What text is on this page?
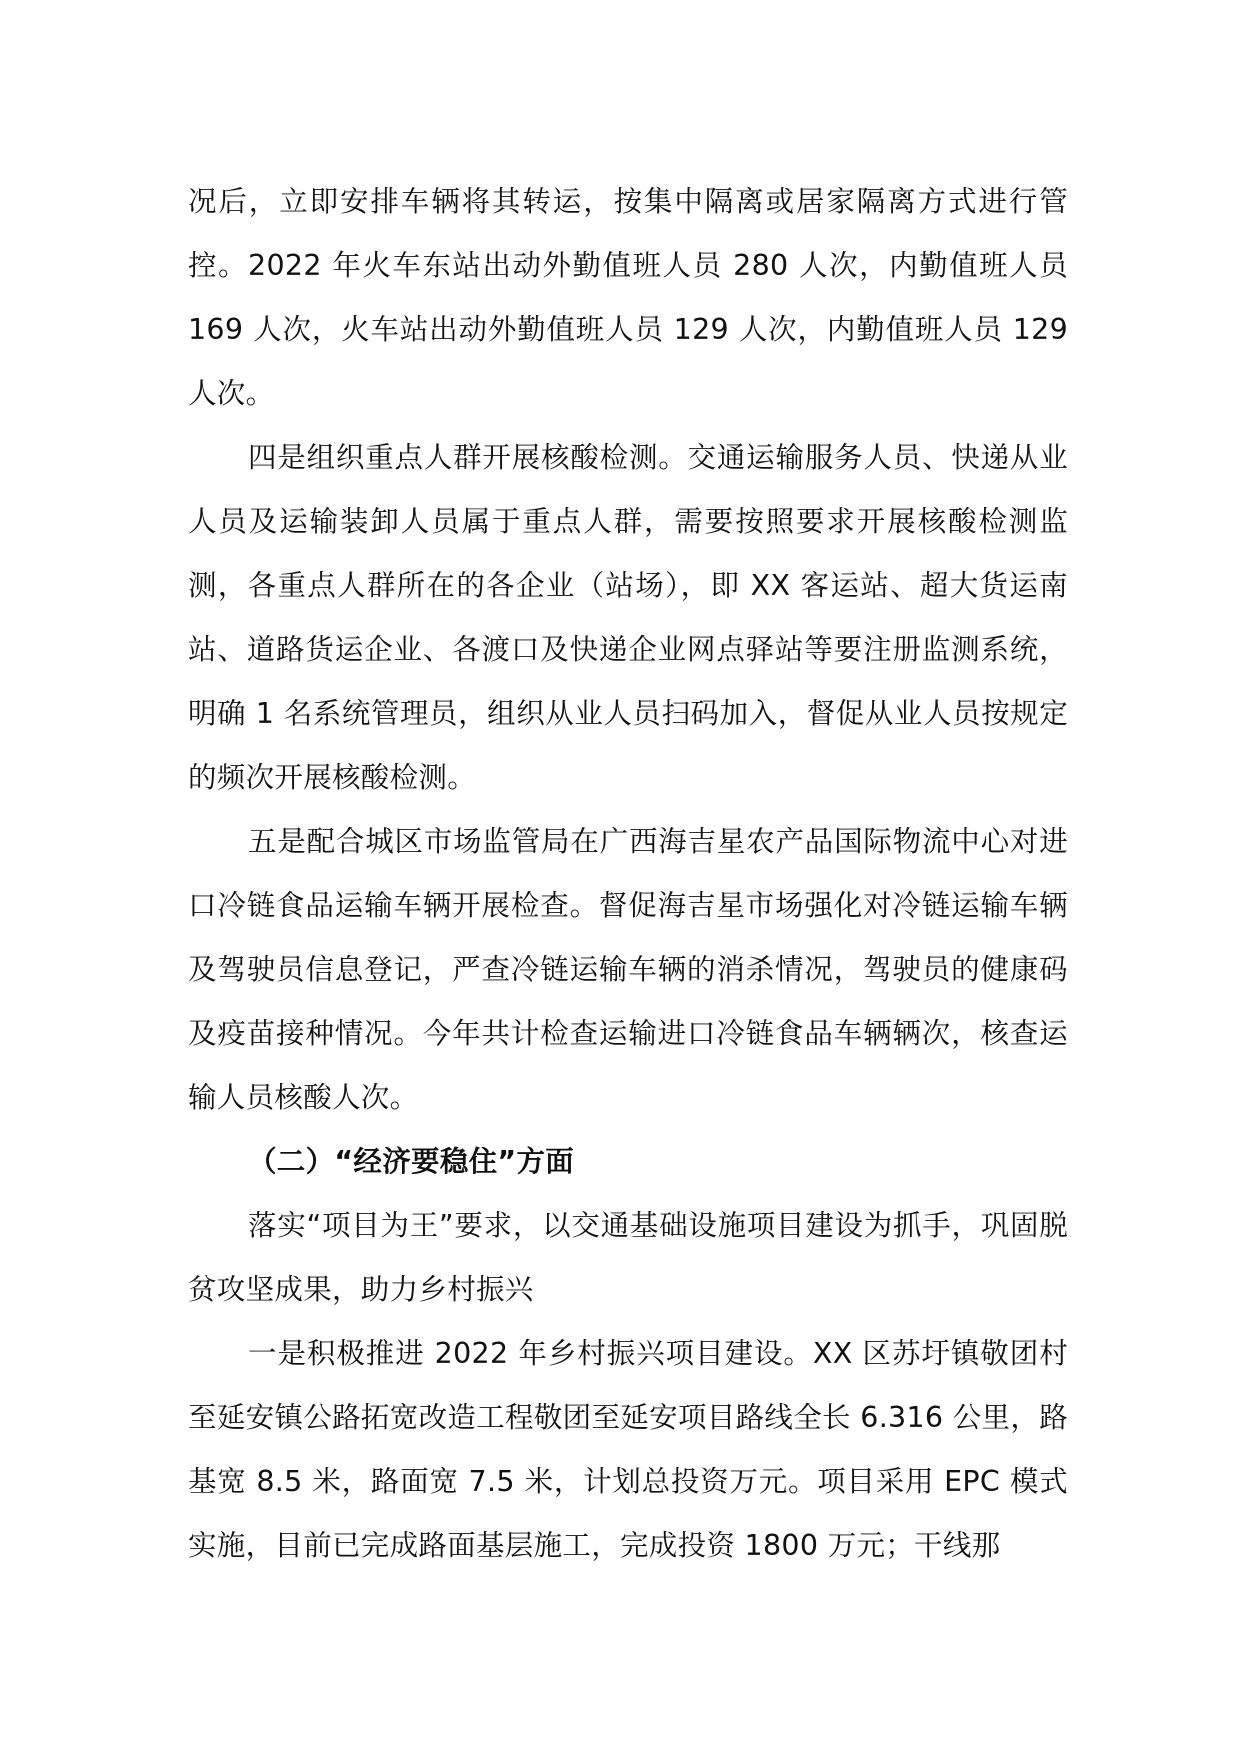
况后，立即安排车辆将其转运，按集中隔离或居家隔离方式进行管控。2022 年火车东站出动外勤值班人员 280 人次，内勤值班人员 169 人次，火车站出动外勤值班人员 129 人次，内勤值班人员 129 人次。

四是组织重点人群开展核酸检测。交通运输服务人员、快递从业人员及运输装卸人员属于重点人群，需要按照要求开展核酸检测监测，各重点人群所在的各企业（站场），即 XX 客运站、超大货运南站、道路货运企业、各渡口及快递企业网点驿站等要注册监测系统，明确 1 名系统管理员，组织从业人员扫码加入，督促从业人员按规定的频次开展核酸检测。

五是配合城区市场监管局在广西海吉星农产品国际物流中心对进口冷链食品运输车辆开展检查。督促海吉星市场强化对冷链运输车辆及驾驶员信息登记，严查冷链运输车辆的消杀情况，驾驶员的健康码及疫苗接种情况。今年共计检查运输进口冷链食品车辆辆次，核查运输人员核酸人次。

（二）“经济要稳住”方面

落实“项目为王”要求，以交通基础设施项目建设为抓手，巩固脱贫攻坚成果，助力乡村振兴

一是积极推进 2022 年乡村振兴项目建设。XX 区苏圩镇敬团村至延安镇公路拓宽改造工程敬团至延安项目路线全长 6.316 公里，路基宽 8.5 米，路面宽 7.5 米，计划总投资万元。项目采用 EPC 模式实施，目前已完成路面基层施工，完成投资 1800 万元；干线那
